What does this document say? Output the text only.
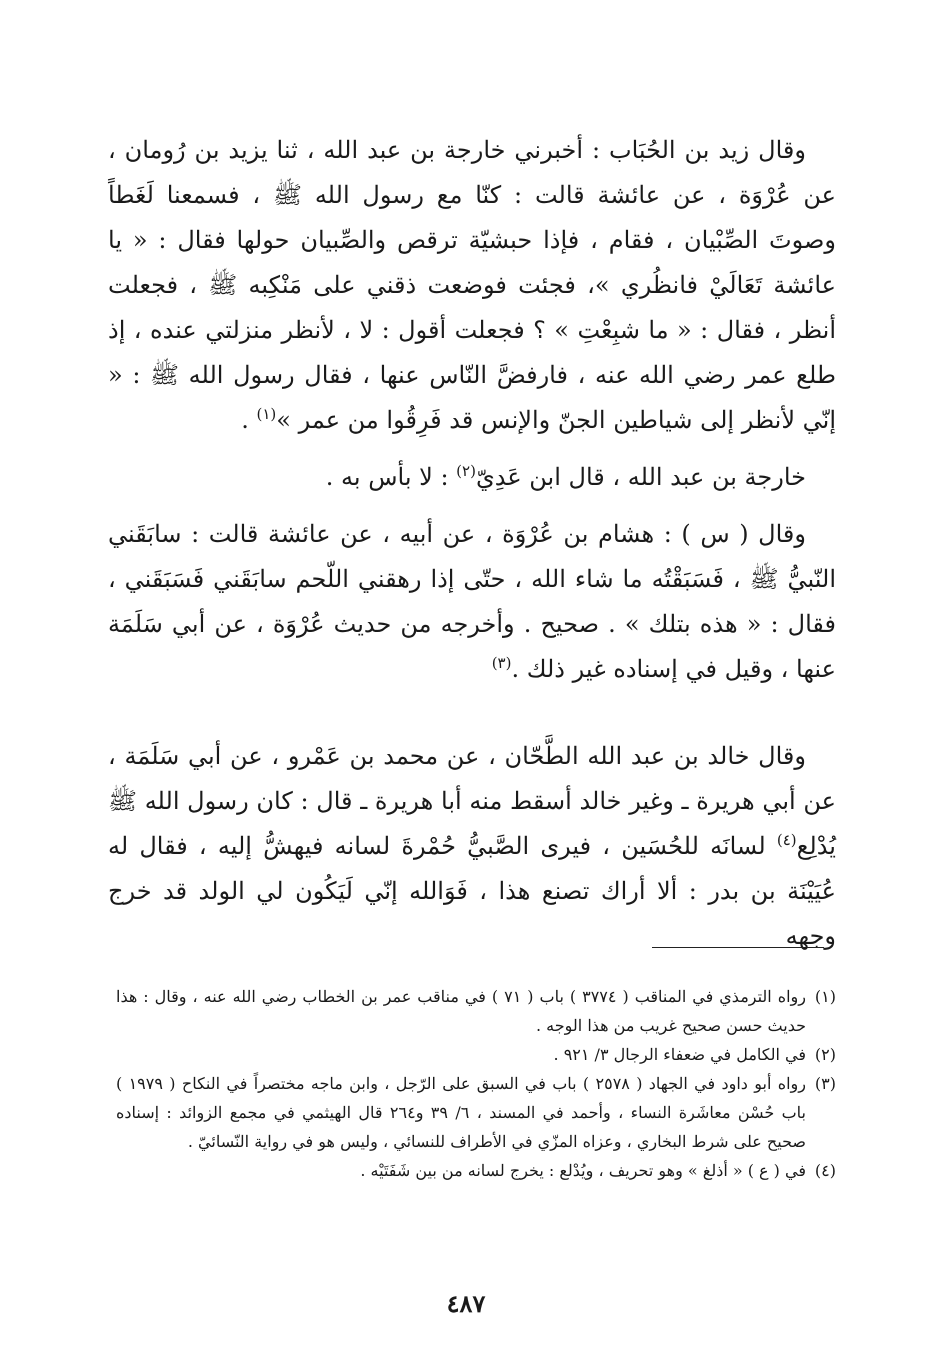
وقال زيد بن الحُبَاب : أخبرني خارجة بن عبد الله ، ثنا يزيد بن رُومان ، عن عُرْوَة ، عن عائشة قالت : كنّا مع رسول الله ﷺ ، فسمعنا لَغَطاً وصوتَ الصِّبْيان ، فقام ، فإذا حبشيّة ترقص والصِّبيان حولها فقال : « يا عائشة تَعَالَيْ فانظُري »، فجئت فوضعت ذقني على مَنْكِبه ﷺ ، فجعلت أنظر ، فقال : « ما شبِعْتِ » ؟ فجعلت أقول : لا ، لأنظر منزلتي عنده ، إذ طلع عمر رضي الله عنه ، فارفضَّ النّاس عنها ، فقال رسول الله ﷺ : « إنّي لأنظر إلى شياطين الجنّ والإنس قد فَرِقُوا من عمر »$^{(١)}$ .

خارجة بن عبد الله ، قال ابن عَدِيّ$^{(٢)}$ : لا بأس به .

وقال ( س ) : هشام بن عُرْوَة ، عن أبيه ، عن عائشة قالت : سابَقَني النّبيُّ ﷺ ، فَسَبَقْتُه ما شاء الله ، حتّى إذا رهقني اللّحم سابَقَني فَسَبَقَني ، فقال : « هذه بتلك » . صحيح . وأخرجه من حديث عُرْوَة ، عن أبي سَلَمَة عنها ، وقيل في إسناده غير ذلك .$^{(٣)}$

وقال خالد بن عبد الله الطَّحّان ، عن محمد بن عَمْرو ، عن أبي سَلَمَة ، عن أبي هريرة ـ وغير خالد أسقط منه أبا هريرة ـ قال : كان رسول الله ﷺ يُدْلِع$^{(٤)}$ لسانَه للحُسَين ، فيرى الصَّبيُّ حُمْرةَ لسانه فيهشُّ إليه ، فقال له عُيَيْنَة بن بدر : ألا أراك تصنع هذا ، فَوَالله إنّي لَيَكُون لي الولد قد خرج وجهه

(١)
رواه الترمذي في المناقب ( ٣٧٧٤ ) باب ( ٧١ ) في مناقب عمر بن الخطاب رضي الله عنه ، وقال : هذا حديث حسن صحيح غريب من هذا الوجه .

(٢)
في الكامل في ضعفاء الرجال ٣/ ٩٢١ .

(٣)
رواه أبو داود في الجهاد ( ٢٥٧٨ ) باب في السبق على الرّجل ، وابن ماجه مختصراً في النكاح ( ١٩٧٩ ) باب حُسْن معاشَرة النساء ، وأحمد في المسند ، ٦/ ٣٩ و٢٦٤ قال الهيثمي في مجمع الزوائد : إسناده صحيح على شرط البخاري ، وعزاه المزّي في الأطراف للنسائي ، وليس هو في رواية النّسائيّ .

(٤)
في ( ع ) « أذلغ » وهو تحريف ، ويُدْلع : يخرج لسانه من بين شَفَتَيْه .

٤٨٧
